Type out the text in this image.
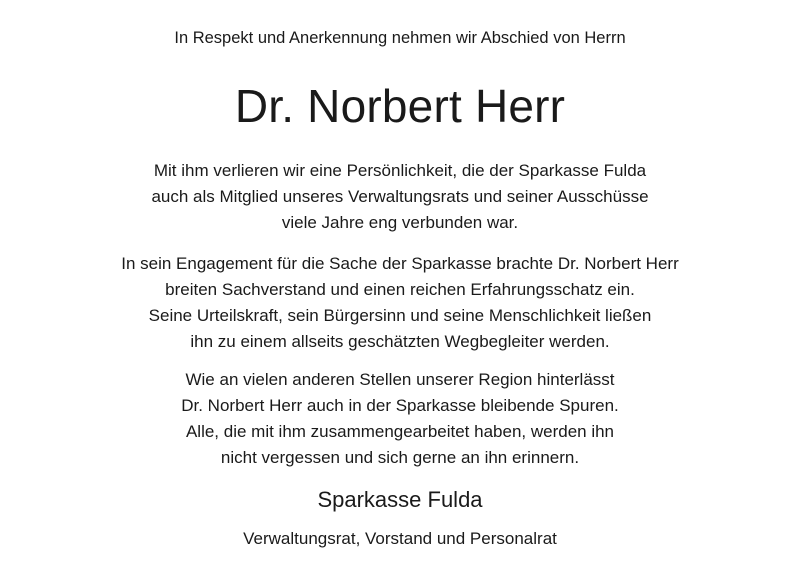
In Respekt und Anerkennung nehmen wir Abschied von Herrn
Dr. Norbert Herr
Mit ihm verlieren wir eine Persönlichkeit, die der Sparkasse Fulda
auch als Mitglied unseres Verwaltungsrats und seiner Ausschüsse
viele Jahre eng verbunden war.
In sein Engagement für die Sache der Sparkasse brachte Dr. Norbert Herr
breiten Sachverstand und einen reichen Erfahrungsschatz ein.
Seine Urteilskraft, sein Bürgersinn und seine Menschlichkeit ließen
ihn zu einem allseits geschätzten Wegbegleiter werden.
Wie an vielen anderen Stellen unserer Region hinterlässt
Dr. Norbert Herr auch in der Sparkasse bleibende Spuren.
Alle, die mit ihm zusammengearbeitet haben, werden ihn
nicht vergessen und sich gerne an ihn erinnern.
Sparkasse Fulda
Verwaltungsrat, Vorstand und Personalrat
